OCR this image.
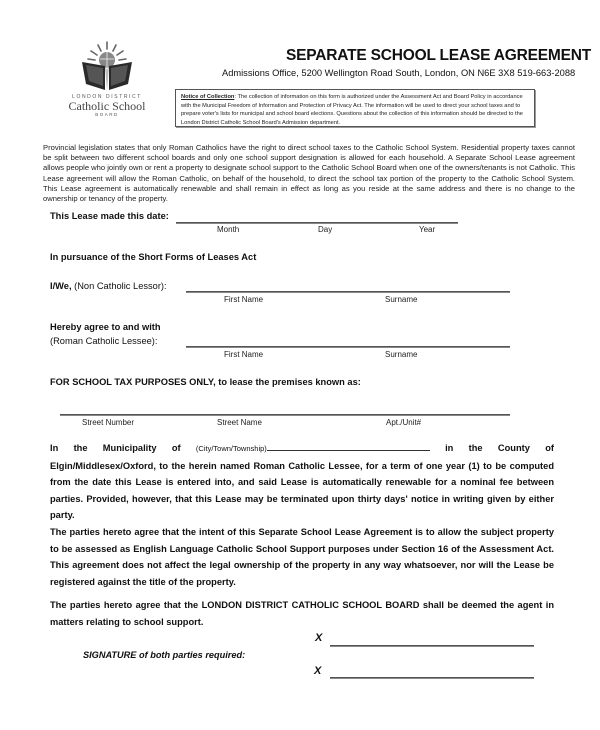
LONDON DISTRICT
Catholic School
BOARD
SEPARATE SCHOOL LEASE AGREEMENT
Admissions Office, 5200 Wellington Road South, London, ON N6E 3X8 519-663-2088
Notice of Collection: The collection of information on this form is authorized under the Assessment Act and Board Policy in accordance with the Municipal Freedom of Information and Protection of Privacy Act. The information will be used to direct your school taxes and to prepare voter's lists for municipal and school board elections. Questions about the collection of this information should be directed to the London District Catholic School Board's Admission department.
Provincial legislation states that only Roman Catholics have the right to direct school taxes to the Catholic School System. Residential property taxes cannot be split between two different school boards and only one school support designation is allowed for each household. A Separate School Lease agreement allows people who jointly own or rent a property to designate school support to the Catholic School Board when one of the owners/tenants is not Catholic. This Lease agreement will allow the Roman Catholic, on behalf of the household, to direct the school tax portion of the property to the Catholic School System. This Lease agreement is automatically renewable and shall remain in effect as long as you reside at the same address and there is no change to the ownership or tenancy of the property.
This Lease made this date:
Month	Day	Year
In pursuance of the Short Forms of Leases Act
I/We, (Non Catholic Lessor):
First Name	Surname
Hereby agree to and with
(Roman Catholic Lessee):
First Name	Surname
FOR SCHOOL TAX PURPOSES ONLY, to lease the premises known as:
Street Number	Street Name	Apt./Unit#
In the Municipality of (City/Town/Township)	in the County of Elgin/Middlesex/Oxford, to the herein named Roman Catholic Lessee, for a term of one year (1) to be computed from the date this Lease is entered into, and said Lease is automatically renewable for a nominal fee between parties. Provided, however, that this Lease may be terminated upon thirty days' notice in writing given by either party.
The parties hereto agree that the intent of this Separate School Lease Agreement is to allow the subject property to be assessed as English Language Catholic School Support purposes under Section 16 of the Assessment Act. This agreement does not affect the legal ownership of the property in any way whatsoever, nor will the Lease be registered against the title of the property.
The parties hereto agree that the LONDON DISTRICT CATHOLIC SCHOOL BOARD shall be deemed the agent in matters relating to school support.
X
SIGNATURE of both parties required:
X
